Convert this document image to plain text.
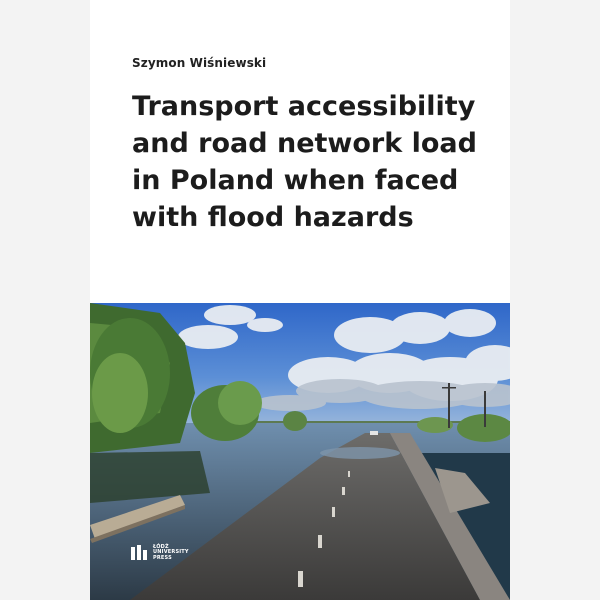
Szymon Wiśniewski
Transport accessibility
and road network load
in Poland when faced
with flood hazards
ŁÓDŹ
UNIVERSITY
PRESS
